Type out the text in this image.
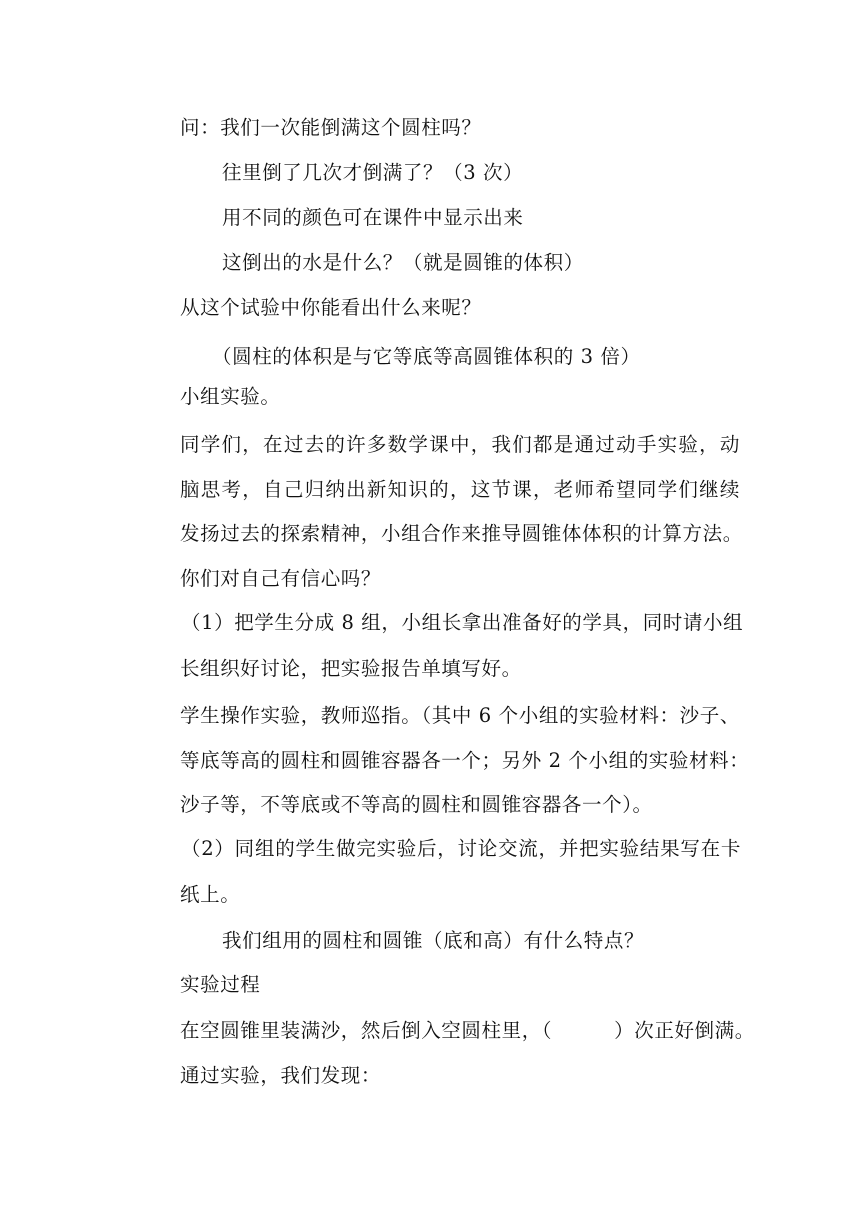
问：我们一次能倒满这个圆柱吗？
往里倒了几次才倒满了？（3 次）
用不同的颜色可在课件中显示出来
这倒出的水是什么？（就是圆锥的体积）
从这个试验中你能看出什么来呢？
（圆柱的体积是与它等底等高圆锥体积的 3 倍）
小组实验。
同学们，在过去的许多数学课中，我们都是通过动手实验，动
脑思考，自己归纳出新知识的，这节课，老师希望同学们继续
发扬过去的探索精神，小组合作来推导圆锥体体积的计算方法。
你们对自己有信心吗？
（1）把学生分成 8 组，小组长拿出准备好的学具，同时请小组
长组织好讨论，把实验报告单填写好。
学生操作实验，教师巡指。（其中 6 个小组的实验材料：沙子、
等底等高的圆柱和圆锥容器各一个；另外 2 个小组的实验材料：
沙子等，不等底或不等高的圆柱和圆锥容器各一个）。
（2）同组的学生做完实验后，讨论交流，并把实验结果写在卡
纸上。
我们组用的圆柱和圆锥（底和高）有什么特点？
实验过程
在空圆锥里装满沙，然后倒入空圆柱里，（	）次正好倒满。
通过实验，我们发现：
